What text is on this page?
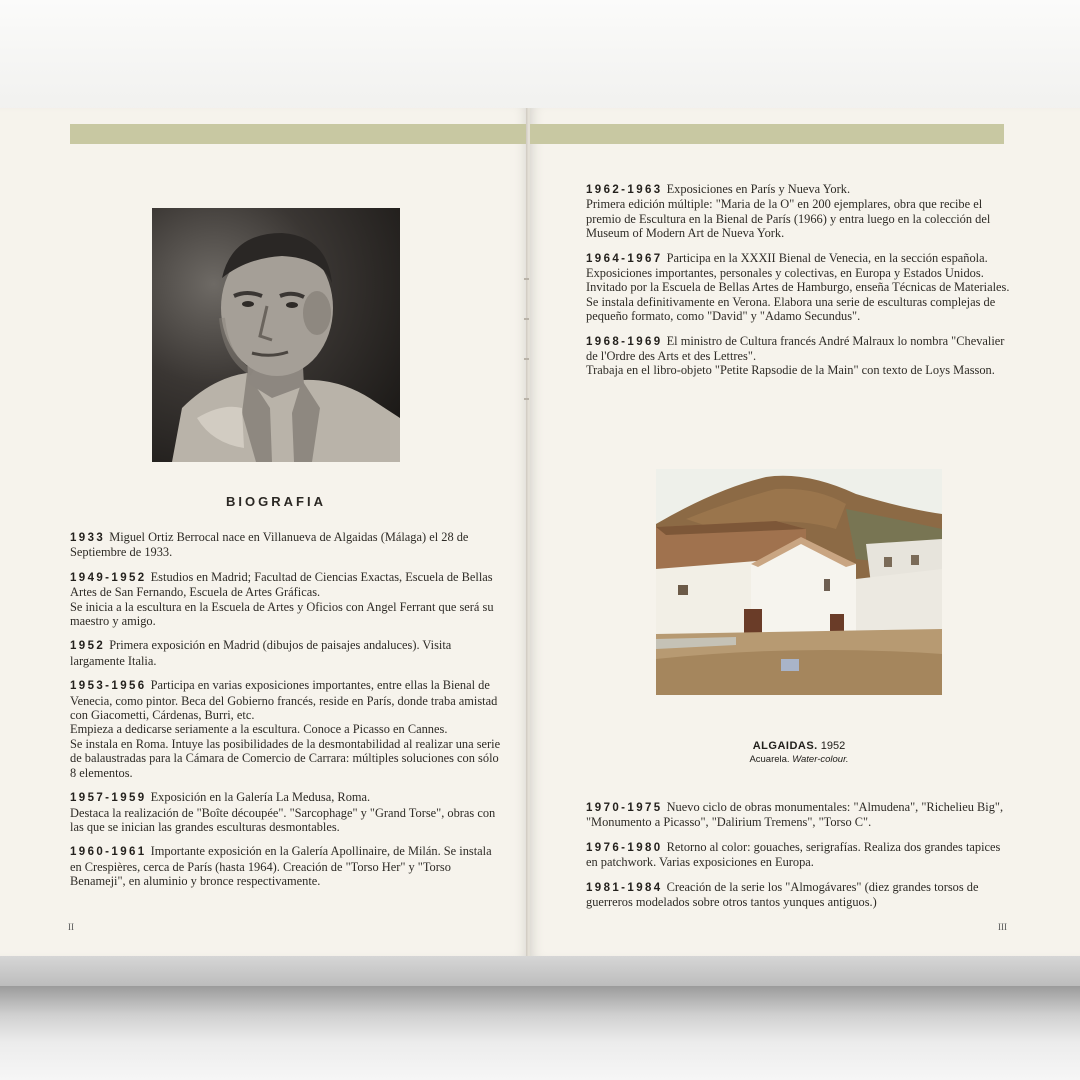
BIOGRAFIA
1933 Miguel Ortiz Berrocal nace en Villanueva de Algaidas (Málaga) el 28 de Septiembre de 1933.
1949-1952 Estudios en Madrid; Facultad de Ciencias Exactas, Escuela de Bellas Artes de San Fernando, Escuela de Artes Gráficas.
Se inicia a la escultura en la Escuela de Artes y Oficios con Angel Ferrant que será su maestro y amigo.
1952 Primera exposición en Madrid (dibujos de paisajes andaluces). Visita largamente Italia.
1953-1956 Participa en varias exposiciones importantes, entre ellas la Bienal de Venecia, como pintor. Beca del Gobierno francés, reside en París, donde traba amistad con Giacometti, Cárdenas, Burri, etc.
Empieza a dedicarse seriamente a la escultura. Conoce a Picasso en Cannes.
Se instala en Roma. Intuye las posibilidades de la desmontabilidad al realizar una serie de balaustradas para la Cámara de Comercio de Carrara: múltiples soluciones con sólo 8 elementos.
1957-1959 Exposición en la Galería La Medusa, Roma.
Destaca la realización de "Boîte découpée". "Sarcophage" y "Grand Torse", obras con las que se inician las grandes esculturas desmontables.
1960-1961 Importante exposición en la Galería Apollinaire, de Milán. Se instala en Crespières, cerca de París (hasta 1964). Creación de "Torso Her" y "Torso Benameji", en aluminio y bronce respectivamente.
II
1962-1963 Exposiciones en París y Nueva York.
Primera edición múltiple: "Maria de la O" en 200 ejemplares, obra que recibe el premio de Escultura en la Bienal de París (1966) y entra luego en la colección del Museum of Modern Art de Nueva York.
1964-1967 Participa en la XXXII Bienal de Venecia, en la sección española.
Exposiciones importantes, personales y colectivas, en Europa y Estados Unidos. Invitado por la Escuela de Bellas Artes de Hamburgo, enseña Técnicas de Materiales.
Se instala definitivamente en Verona. Elabora una serie de esculturas complejas de pequeño formato, como "David" y "Adamo Secundus".
1968-1969 El ministro de Cultura francés André Malraux lo nombra "Chevalier de l'Ordre des Arts et des Lettres".
Trabaja en el libro-objeto "Petite Rapsodie de la Main" con texto de Loys Masson.
ALGAIDAS. 1952
Acuarela. Water-colour.
1970-1975 Nuevo ciclo de obras monumentales: "Almudena", "Richelieu Big", "Monumento a Picasso", "Dalirium Tremens", "Torso C".
1976-1980 Retorno al color: gouaches, serigrafías. Realiza dos grandes tapices en patchwork. Varias exposiciones en Europa.
1981-1984 Creación de la serie los "Almogávares" (diez grandes torsos de guerreros modelados sobre otros tantos yunques antiguos.)
III
